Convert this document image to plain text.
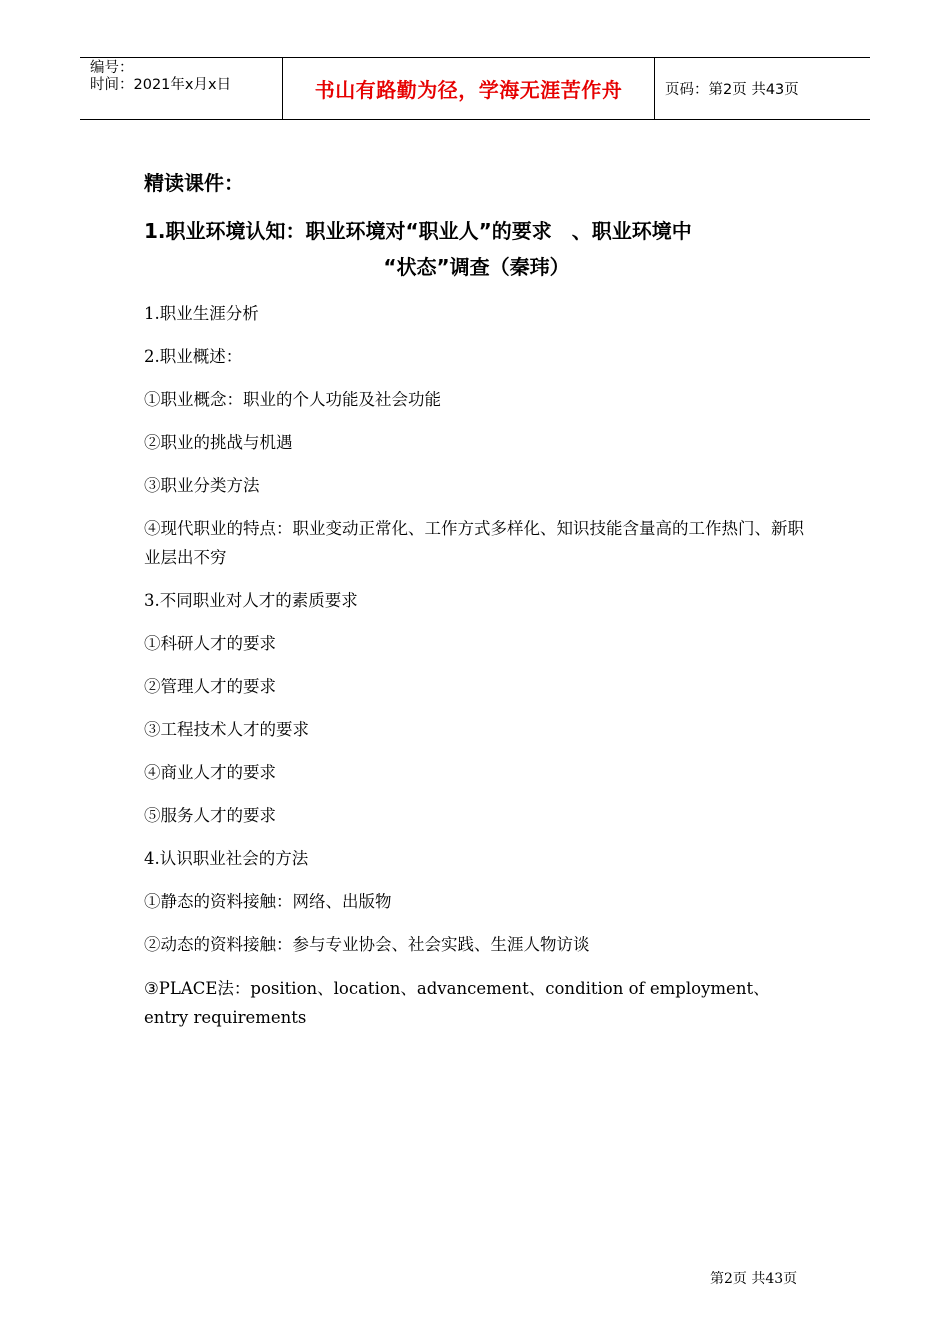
编号：
时间：2021年x月x日	书山有路勤为径，学海无涯苦作舟	页码：第2页 共43页
精读课件：
1.职业环境认知：职业环境对“职业人”的要求　、职业环境中
“状态”调查（秦玮）
1.职业生涯分析
2.职业概述：
①职业概念：职业的个人功能及社会功能
②职业的挑战与机遇
③职业分类方法
④现代职业的特点：职业变动正常化、工作方式多样化、知识技能含量高的工作热门、新职业层出不穷
3.不同职业对人才的素质要求
①科研人才的要求
②管理人才的要求
③工程技术人才的要求
④商业人才的要求
⑤服务人才的要求
4.认识职业社会的方法
①静态的资料接触：网络、出版物
②动态的资料接触：参与专业协会、社会实践、生涯人物访谈
③PLACE法：position、location、advancement、condition of employment、entry requirements
第2页 共43页
